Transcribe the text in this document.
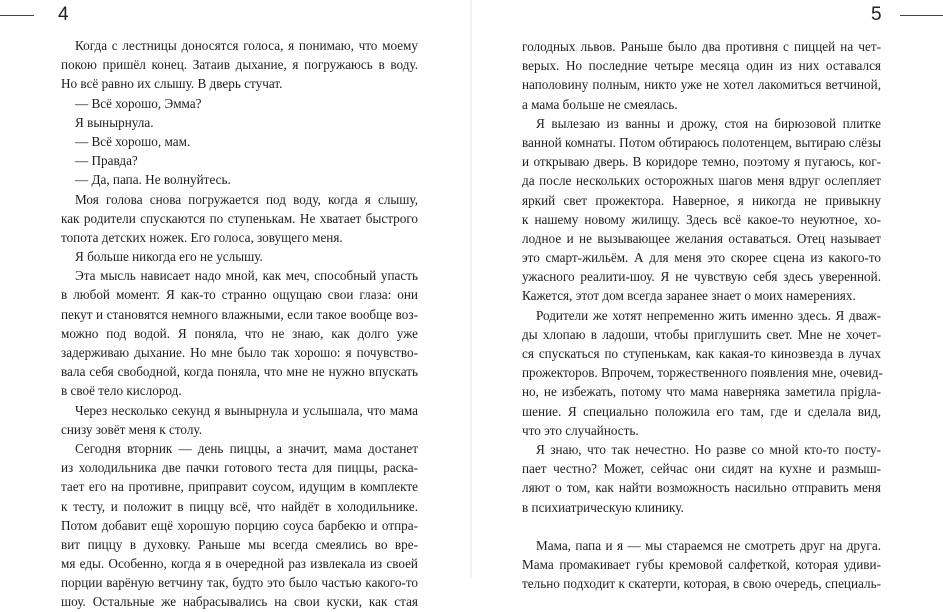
4
Когда с лестницы доносятся голоса, я понимаю, что моему
покою пришёл конец. Затаив дыхание, я погружаюсь в воду.
Но всё равно их слышу. В дверь стучат.
— Всё хорошо, Эмма?
Я вынырнула.
— Всё хорошо, мам.
— Правда?
— Да, папа. Не волнуйтесь.
Моя голова снова погружается под воду, когда я слышу,
как родители спускаются по ступенькам. Не хватает быстрого
топота детских ножек. Его голоса, зовущего меня.
Я больше никогда его не услышу.
Эта мысль нависает надо мной, как меч, способный упасть
в любой момент. Я как-то странно ощущаю свои глаза: они
пекут и становятся немного влажными, если такое вообще воз-
можно под водой. Я поняла, что не знаю, как долго уже
задерживаю дыхание. Но мне было так хорошо: я почувство-
вала себя свободной, когда поняла, что мне не нужно впускать
в своё тело кислород.
Через несколько секунд я вынырнула и услышала, что мама
снизу зовёт меня к столу.
Сегодня вторник — день пиццы, а значит, мама достанет
из холодильника две пачки готового теста для пиццы, раска-
тает его на противне, приправит соусом, идущим в комплекте
к тесту, и положит в пиццу всё, что найдёт в холодильнике.
Потом добавит ещё хорошую порцию соуса барбекю и отпра-
вит пиццу в духовку. Раньше мы всегда смеялись во вре-
мя еды. Особенно, когда я в очередной раз извлекала из своей
порции варёную ветчину так, будто это было частью какого-то
шоу. Остальные же набрасывались на свои куски, как стая
5
голодных львов. Раньше было два противня с пиццей на чет-
верых. Но последние четыре месяца один из них оставался
наполовину полным, никто уже не хотел лакомиться ветчиной,
а мама больше не смеялась.
Я вылезаю из ванны и дрожу, стоя на бирюзовой плитке
ванной комнаты. Потом обтираюсь полотенцем, вытираю слёзы
и открываю дверь. В коридоре темно, поэтому я пугаюсь, ког-
да после нескольких осторожных шагов меня вдруг ослепляет
яркий свет прожектора. Наверное, я никогда не привыкну
к нашему новому жилищу. Здесь всё какое-то неуютное, хо-
лодное и не вызывающее желания оставаться. Отец называет
это смарт-жильём. А для меня это скорее сцена из какого-то
ужасного реалити-шоу. Я не чувствую себя здесь уверенной.
Кажется, этот дом всегда заранее знает о моих намерениях.
Родители же хотят непременно жить именно здесь. Я дваж-
ды хлопаю в ладоши, чтобы приглушить свет. Мне не хочет-
ся спускаться по ступенькам, как какая-то кинозвезда в лучах
прожекторов. Впрочем, торжественного появления мне, очевид-
но, не избежать, потому что мама наверняка заметила прigла-
шение. Я специально положила его там, где и сделала вид,
что это случайность.
Я знаю, что так нечестно. Но разве со мной кто-то посту-
пает честно? Может, сейчас они сидят на кухне и размыш-
ляют о том, как найти возможность насильно отправить меня
в психиатрическую клинику.
Мама, папа и я — мы стараемся не смотреть друг на друга.
Мама промакивает губы кремовой салфеткой, которая удиви-
тельно подходит к скатерти, которая, в свою очередь, специаль-
